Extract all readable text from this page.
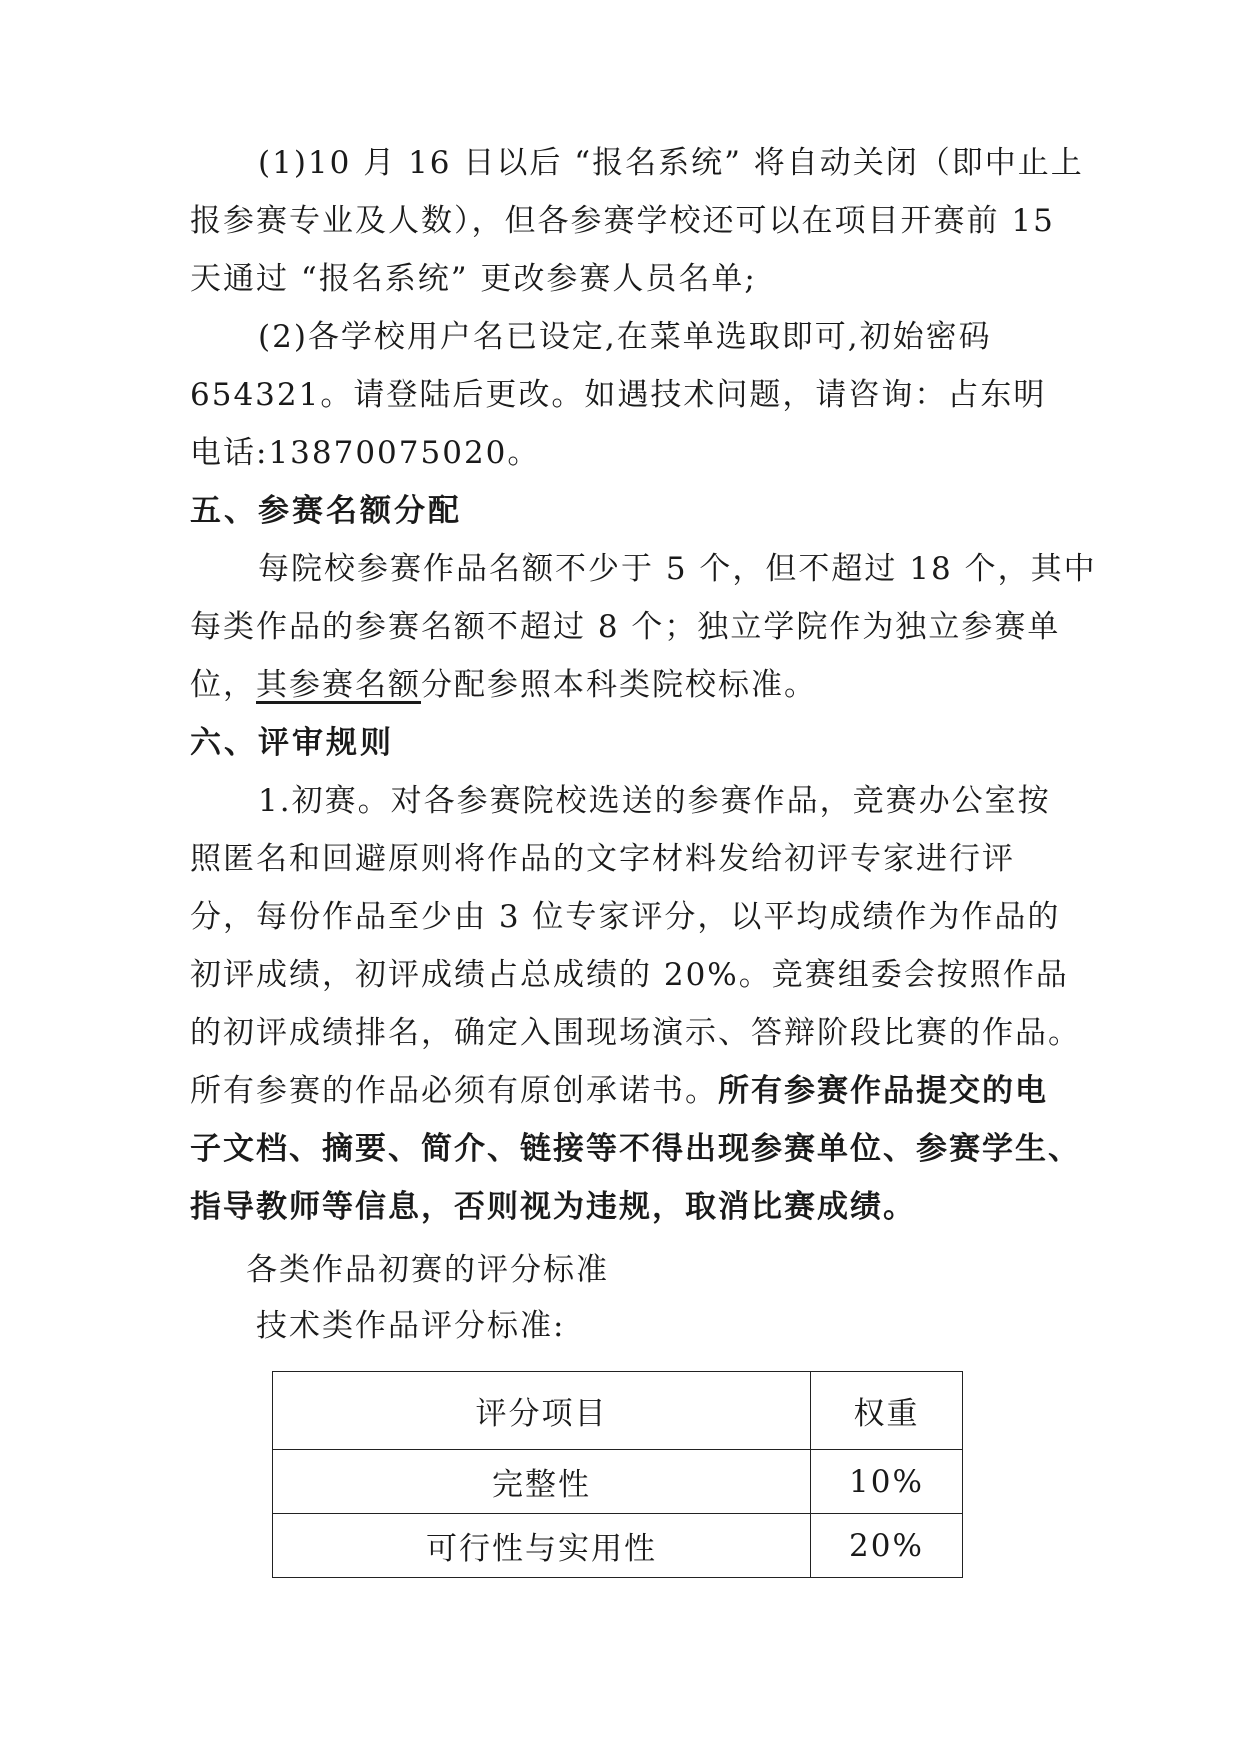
(1)10 月 16 日以后 “报名系统” 将自动关闭（即中止上
报参赛专业及人数），但各参赛学校还可以在项目开赛前 15
天通过 “报名系统” 更改参赛人员名单;
(2)各学校用户名已设定,在菜单选取即可,初始密码
654321。请登陆后更改。如遇技术问题，请咨询：占东明
电话:13870075020。
五、参赛名额分配
每院校参赛作品名额不少于 5 个，但不超过 18 个，其中
每类作品的参赛名额不超过 8 个；独立学院作为独立参赛单
位，其参赛名额分配参照本科类院校标准。
六、评审规则
1.初赛。对各参赛院校选送的参赛作品，竞赛办公室按
照匿名和回避原则将作品的文字材料发给初评专家进行评
分，每份作品至少由 3 位专家评分，以平均成绩作为作品的
初评成绩，初评成绩占总成绩的 20%。竞赛组委会按照作品
的初评成绩排名，确定入围现场演示、答辩阶段比赛的作品。
所有参赛的作品必须有原创承诺书。所有参赛作品提交的电
子文档、摘要、简介、链接等不得出现参赛单位、参赛学生、
指导教师等信息，否则视为违规，取消比赛成绩。
各类作品初赛的评分标准
技术类作品评分标准:
评分项目	权重
完整性	10%
可行性与实用性	20%
